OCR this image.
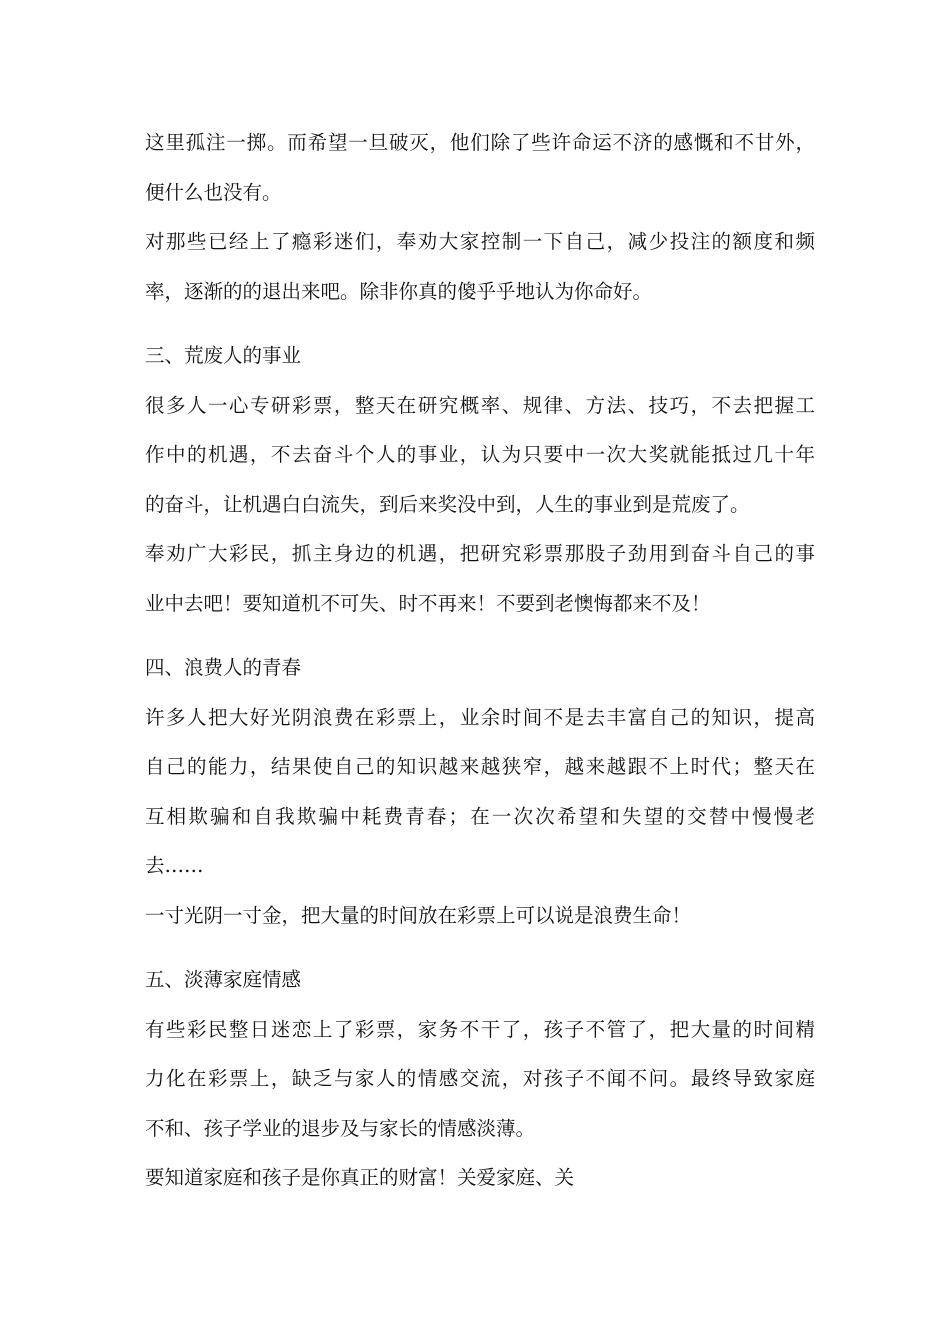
这里孤注一掷。而希望一旦破灭，他们除了些许命运不济的感慨和不甘外，
便什么也没有。
对那些已经上了瘾彩迷们，奉劝大家控制一下自己，减少投注的额度和频
率，逐渐的的退出来吧。除非你真的傻乎乎地认为你命好。
三、荒废人的事业
很多人一心专研彩票，整天在研究概率、规律、方法、技巧，不去把握工
作中的机遇，不去奋斗个人的事业，认为只要中一次大奖就能抵过几十年
的奋斗，让机遇白白流失，到后来奖没中到，人生的事业到是荒废了。
奉劝广大彩民，抓主身边的机遇，把研究彩票那股子劲用到奋斗自己的事
业中去吧！要知道机不可失、时不再来！不要到老懊悔都来不及！
四、浪费人的青春
许多人把大好光阴浪费在彩票上，业余时间不是去丰富自己的知识，提高
自己的能力，结果使自己的知识越来越狭窄，越来越跟不上时代；整天在
互相欺骗和自我欺骗中耗费青春；在一次次希望和失望的交替中慢慢老
去……
一寸光阴一寸金，把大量的时间放在彩票上可以说是浪费生命！
五、淡薄家庭情感
有些彩民整日迷恋上了彩票，家务不干了，孩子不管了，把大量的时间精
力化在彩票上，缺乏与家人的情感交流，对孩子不闻不问。最终导致家庭
不和、孩子学业的退步及与家长的情感淡薄。
要知道家庭和孩子是你真正的财富！关爱家庭、关
